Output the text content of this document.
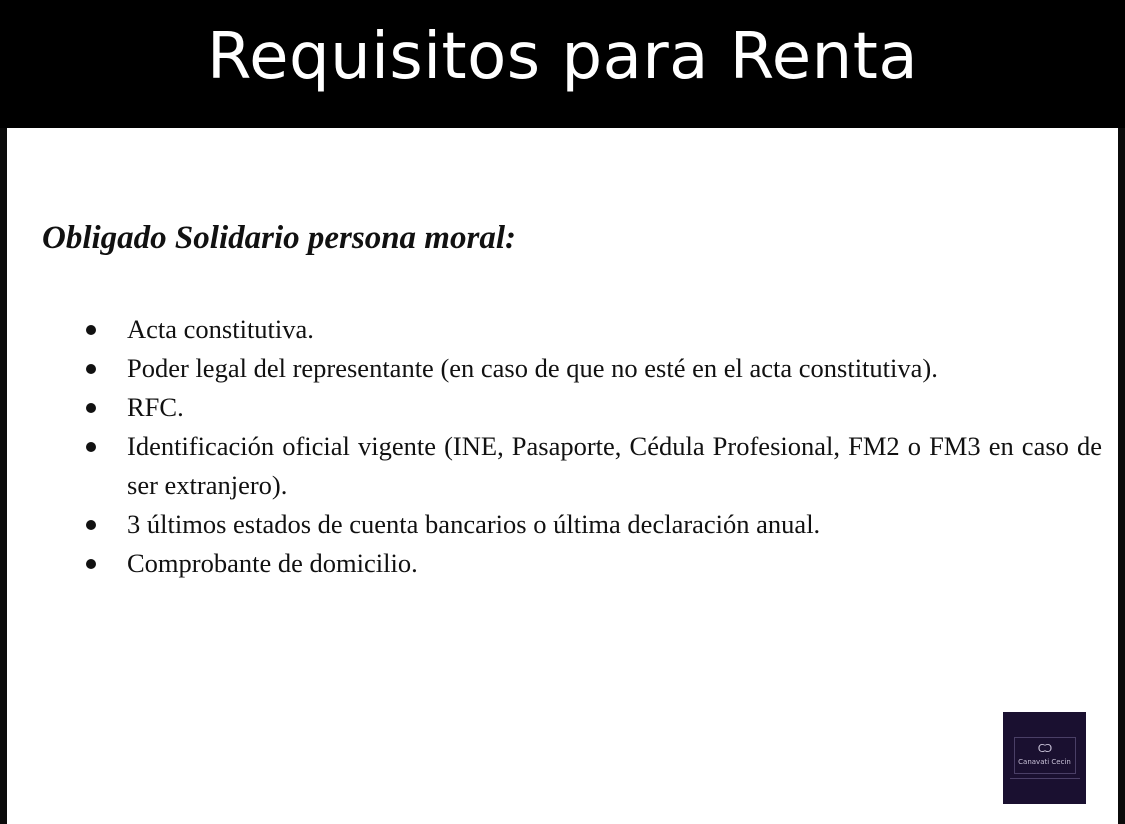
Requisitos para Renta
Obligado Solidario persona moral:
Acta constitutiva.
Poder legal del representante (en caso de que no esté en el acta constitutiva).
RFC.
Identificación oficial vigente (INE, Pasaporte, Cédula Profesional, FM2 o FM3 en caso de ser extranjero).
3 últimos estados de cuenta bancarios o última declaración anual.
Comprobante de domicilio.
CƆ
Canavati Cecin
